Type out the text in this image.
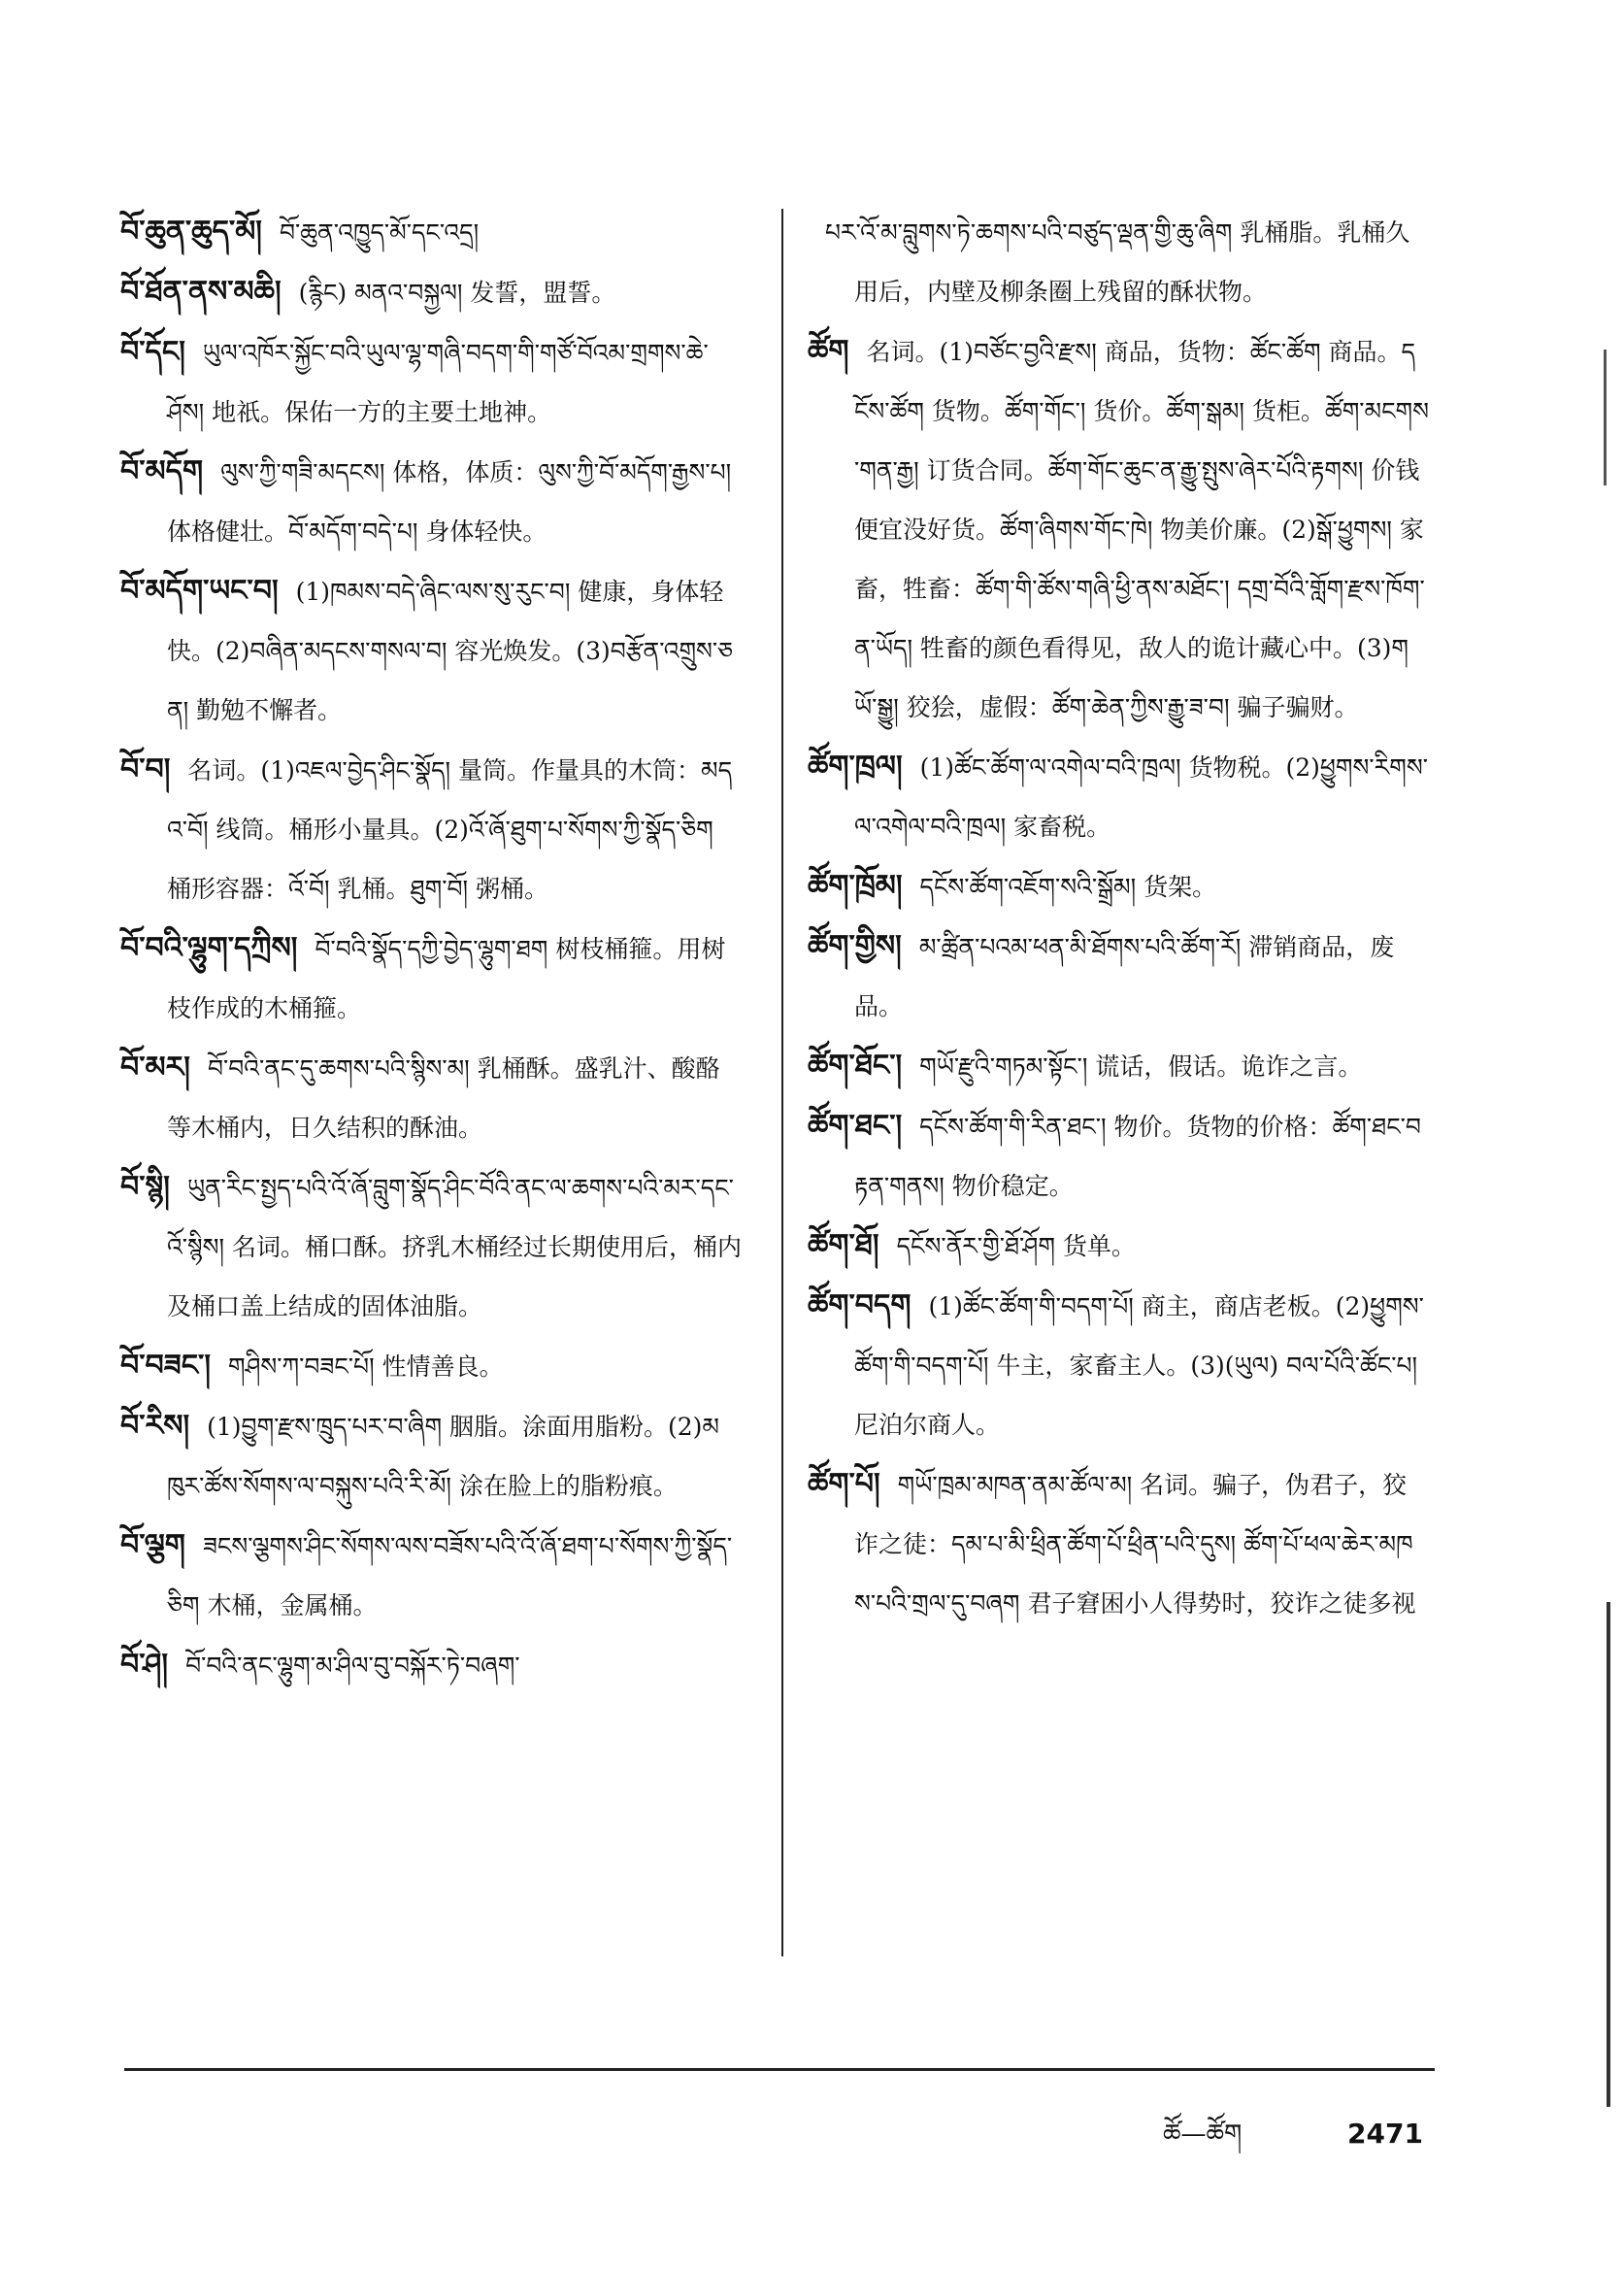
བོ་ཆུན་ཆུད་མོ། བོ་ཆུན་འཁྱུད་མོ་དང་འདྲ།

བོ་ཐོན་ནས་མཆི། (རྙིང) མནའ་བསྐྱལ། 发誓，盟誓。

བོ་དོང། ཡུལ་འཁོར་སྐྱོང་བའི་ཡུལ་ལྷ་གཞི་བདག་གི་གཙོ་བོའམ་གྲགས་ཆེ་ཤོས། 地祇。保佑一方的主要土地神。

བོ་མདོག ལུས་ཀྱི་གཟི་མདངས། 体格，体质：ལུས་ཀྱི་བོ་མདོག་རྒྱས་པ། 体格健壮。བོ་མདོག་བདེ་པ། 身体轻快。

བོ་མདོག་ཡང་བ། (1)ཁམས་བདེ་ཞིང་ལས་སུ་རུང་བ། 健康，身体轻快。(2)བཞིན་མདངས་གསལ་བ། 容光焕发。(3)བརྩོན་འགྲུས་ཅན། 勤勉不懈者。

བོ་བ། 名词。(1)འཇལ་བྱེད་ཤིང་སྣོད། 量筒。作量具的木筒：མདའ་བོ། 线筒。桶形小量具。(2)འོ་ཞོ་ཐུག་པ་སོགས་ཀྱི་སྣོད་ཅིག 桶形容器：འོ་བོ། 乳桶。ཐུག་བོ། 粥桶。

བོ་བའི་ལྷུག་དཀྲིས། བོ་བའི་སྣོད་དཀྱི་བྱེད་ལྷུག་ཐག 树枝桶箍。用树枝作成的木桶箍。

བོ་མར། བོ་བའི་ནང་དུ་ཆགས་པའི་སྙིས་མ། 乳桶酥。盛乳汁、酸酪等木桶内，日久结积的酥油。

བོ་སྙི། ཡུན་རིང་སྤྱད་པའི་འོ་ཞོ་བླུག་སྣོད་ཤིང་བོའི་ནང་ལ་ཆགས་པའི་མར་དང་འོ་སྙིས། 名词。桶口酥。挤乳木桶经过长期使用后，桶内及桶口盖上结成的固体油脂。

བོ་བཟང་། གཤིས་ཀ་བཟང་པོ། 性情善良。

བོ་རིས། (1)བྱུག་རྫས་ཁྲུད་པར་བ་ཞིག 胭脂。涂面用脂粉。(2)མཁུར་ཚོས་སོགས་ལ་བསྐུས་པའི་རི་མོ། 涂在脸上的脂粉痕。

བོ་ལྕག ཟངས་ལྕགས་ཤིང་སོགས་ལས་བཟོས་པའི་འོ་ཞོ་ཐག་པ་སོགས་ཀྱི་སྣོད་ཅིག 木桶，金属桶。

བོ་ཤེ། བོ་བའི་ནང་ལྷུག་མ་ཤིལ་བུ་བསྐོར་ཏེ་བཞག་

པར་འོ་མ་བླུགས་ཏེ་ཆགས་པའི་བཙུད་ལྡན་གྱི་ཆུ་ཞིག 乳桶脂。乳桶久用后，内壁及柳条圈上残留的酥状物。

ཚོག 名词。(1)བཙོང་བྱའི་རྫས། 商品，货物：ཚོང་ཚོག 商品。དངོས་ཚོག 货物。ཚོག་གོང་། 货价。ཚོག་སྒམ། 货柜。ཚོག་མངགས་གན་རྒྱ། 订货合同。ཚོག་གོང་ཆུང་ན་རྒྱུ་སྤུས་ཞེར་པོའི་རྟགས། 价钱便宜没好货。ཚོག་ཞིགས་གོང་ཁེ། 物美价廉。(2)སྒོ་ཕྱུགས། 家畜，牲畜：ཚོག་གི་ཚོས་གཞི་ཕྱི་ནས་མཐོང་། དགྲ་བོའི་གློག་རྫས་ཁོག་ན་ཡོད། 牲畜的颜色看得见，敌人的诡计藏心中。(3)གཡོ་སྒྱུ། 狡狯，虚假：ཚོག་ཆེན་ཀྱིས་རྒྱུ་ཟ་བ། 骗子骗财。

ཚོག་ཁྲལ། (1)ཚོང་ཚོག་ལ་འགེལ་བའི་ཁྲལ། 货物税。(2)ཕྱུགས་རིགས་ལ་འགེལ་བའི་ཁྲལ། 家畜税。

ཚོག་ཁྲོམ། དངོས་ཚོག་འཇོག་སའི་སྒྲོམ། 货架。

ཚོག་གྱིས། མ་ཚྲིན་པའམ་ཕན་མི་ཐོགས་པའི་ཚོག་རོ། 滞销商品，废品。

ཚོག་ཐོང་། གཡོ་རྫུའི་གཏམ་སྟོང་། 谎话，假话。诡诈之言。

ཚོག་ཐང་། དངོས་ཚོག་གི་རིན་ཐང་། 物价。货物的价格：ཚོག་ཐང་བརྟན་གནས། 物价稳定。

ཚོག་ཐོ། དངོས་ནོར་གྱི་ཐོ་ཤོག 货单。

ཚོག་བདག (1)ཚོང་ཚོག་གི་བདག་པོ། 商主，商店老板。(2)ཕྱུགས་ཚོག་གི་བདག་པོ། 牛主，家畜主人。(3)(ཡུལ) བལ་པོའི་ཚོང་པ། 尼泊尔商人。

ཚོག་པོ། གཡོ་ཁྲམ་མཁན་ནམ་ཚོལ་མ། 名词。骗子，伪君子，狡诈之徒：དམ་པ་མི་ཕྲིན་ཚོག་པོ་ཕྲིན་པའི་དུས། ཚོག་པོ་ཕལ་ཆེར་མཁས་པའི་གྲལ་དུ་བཞག 君子窘困小人得势时，狡诈之徒多视

ཚོ—ཚོག	2471
